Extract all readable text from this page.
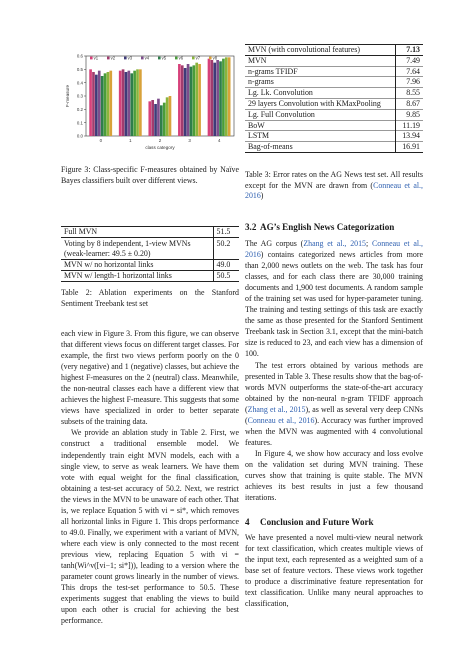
0.0
0.1
0.2
0.3
0.4
0.5
0.6
F-measure
0	1	2	3	4
class category
v1	v2	v3	v4	v5	v6	v7	v8
Figure 3: Class-specific F-measures obtained by Naïve Bayes classifiers built over different views.
Full MVN	51.5

Voting by 8 independent, 1-view MVNs
(weak-learner: 49.5 ± 0.20)	50.2
MVN w/ no horizontal links	49.0
MVN w/ length-1 horizontal links	50.5
Table 2: Ablation experiments on the Stanford Sentiment Treebank test set

each view in Figure 3. From this figure, we can observe that different views focus on different target classes. For example, the first two views perform poorly on the 0 (very negative) and 1 (negative) classes, but achieve the highest F-measures on the 2 (neutral) class. Meanwhile, the non-neutral classes each have a different view that achieves the highest F-measure. This suggests that some views have specialized in order to better separate subsets of the training data.

We provide an ablation study in Table 2. First, we construct a traditional ensemble model. We independently train eight MVN models, each with a single view, to serve as weak learners. We have them vote with equal weight for the final classification, obtaining a test-set accuracy of 50.2. Next, we restrict the views in the MVN to be unaware of each other. That is, we replace Equation 5 with vi = si*, which removes all horizontal links in Figure 1. This drops performance to 49.0. Finally, we experiment with a variant of MVN, where each view is only connected to the most recent previous view, replacing Equation 5 with vi = tanh(Wi^v([vi−1; si*])), leading to a version where the parameter count grows linearly in the number of views. This drops the test-set performance to 50.5. These experiments suggest that enabling the views to build upon each other is crucial for achieving the best performance.

MVN (with convolutional features)	7.13
MVN	7.49
n-grams TFIDF	7.64
n-grams	7.96
Lg. Lk. Convolution	8.55
29 layers Convolution with KMaxPooling	8.67
Lg. Full Convolution	9.85
BoW	11.19
LSTM	13.94
Bag-of-means	16.91
Table 3: Error rates on the AG News test set. All results except for the MVN are drawn from (Conneau et al., 2016)
3.2 AG’s English News Categorization

The AG corpus (Zhang et al., 2015; Conneau et al., 2016) contains categorized news articles from more than 2,000 news outlets on the web. The task has four classes, and for each class there are 30,000 training documents and 1,900 test documents. A random sample of the training set was used for hyper-parameter tuning. The training and testing settings of this task are exactly the same as those presented for the Stanford Sentiment Treebank task in Section 3.1, except that the mini-batch size is reduced to 23, and each view has a dimension of 100.

The test errors obtained by various methods are presented in Table 3. These results show that the bag-of-words MVN outperforms the state-of-the-art accuracy obtained by the non-neural n-gram TFIDF approach (Zhang et al., 2015), as well as several very deep CNNs (Conneau et al., 2016). Accuracy was further improved when the MVN was augmented with 4 convolutional features.

In Figure 4, we show how accuracy and loss evolve on the validation set during MVN training. These curves show that training is quite stable. The MVN achieves its best results in just a few thousand iterations.

4 Conclusion and Future Work

We have presented a novel multi-view neural network for text classification, which creates multiple views of the input text, each represented as a weighted sum of a base set of feature vectors. These views work together to produce a discriminative feature representation for text classification. Unlike many neural approaches to classification,
